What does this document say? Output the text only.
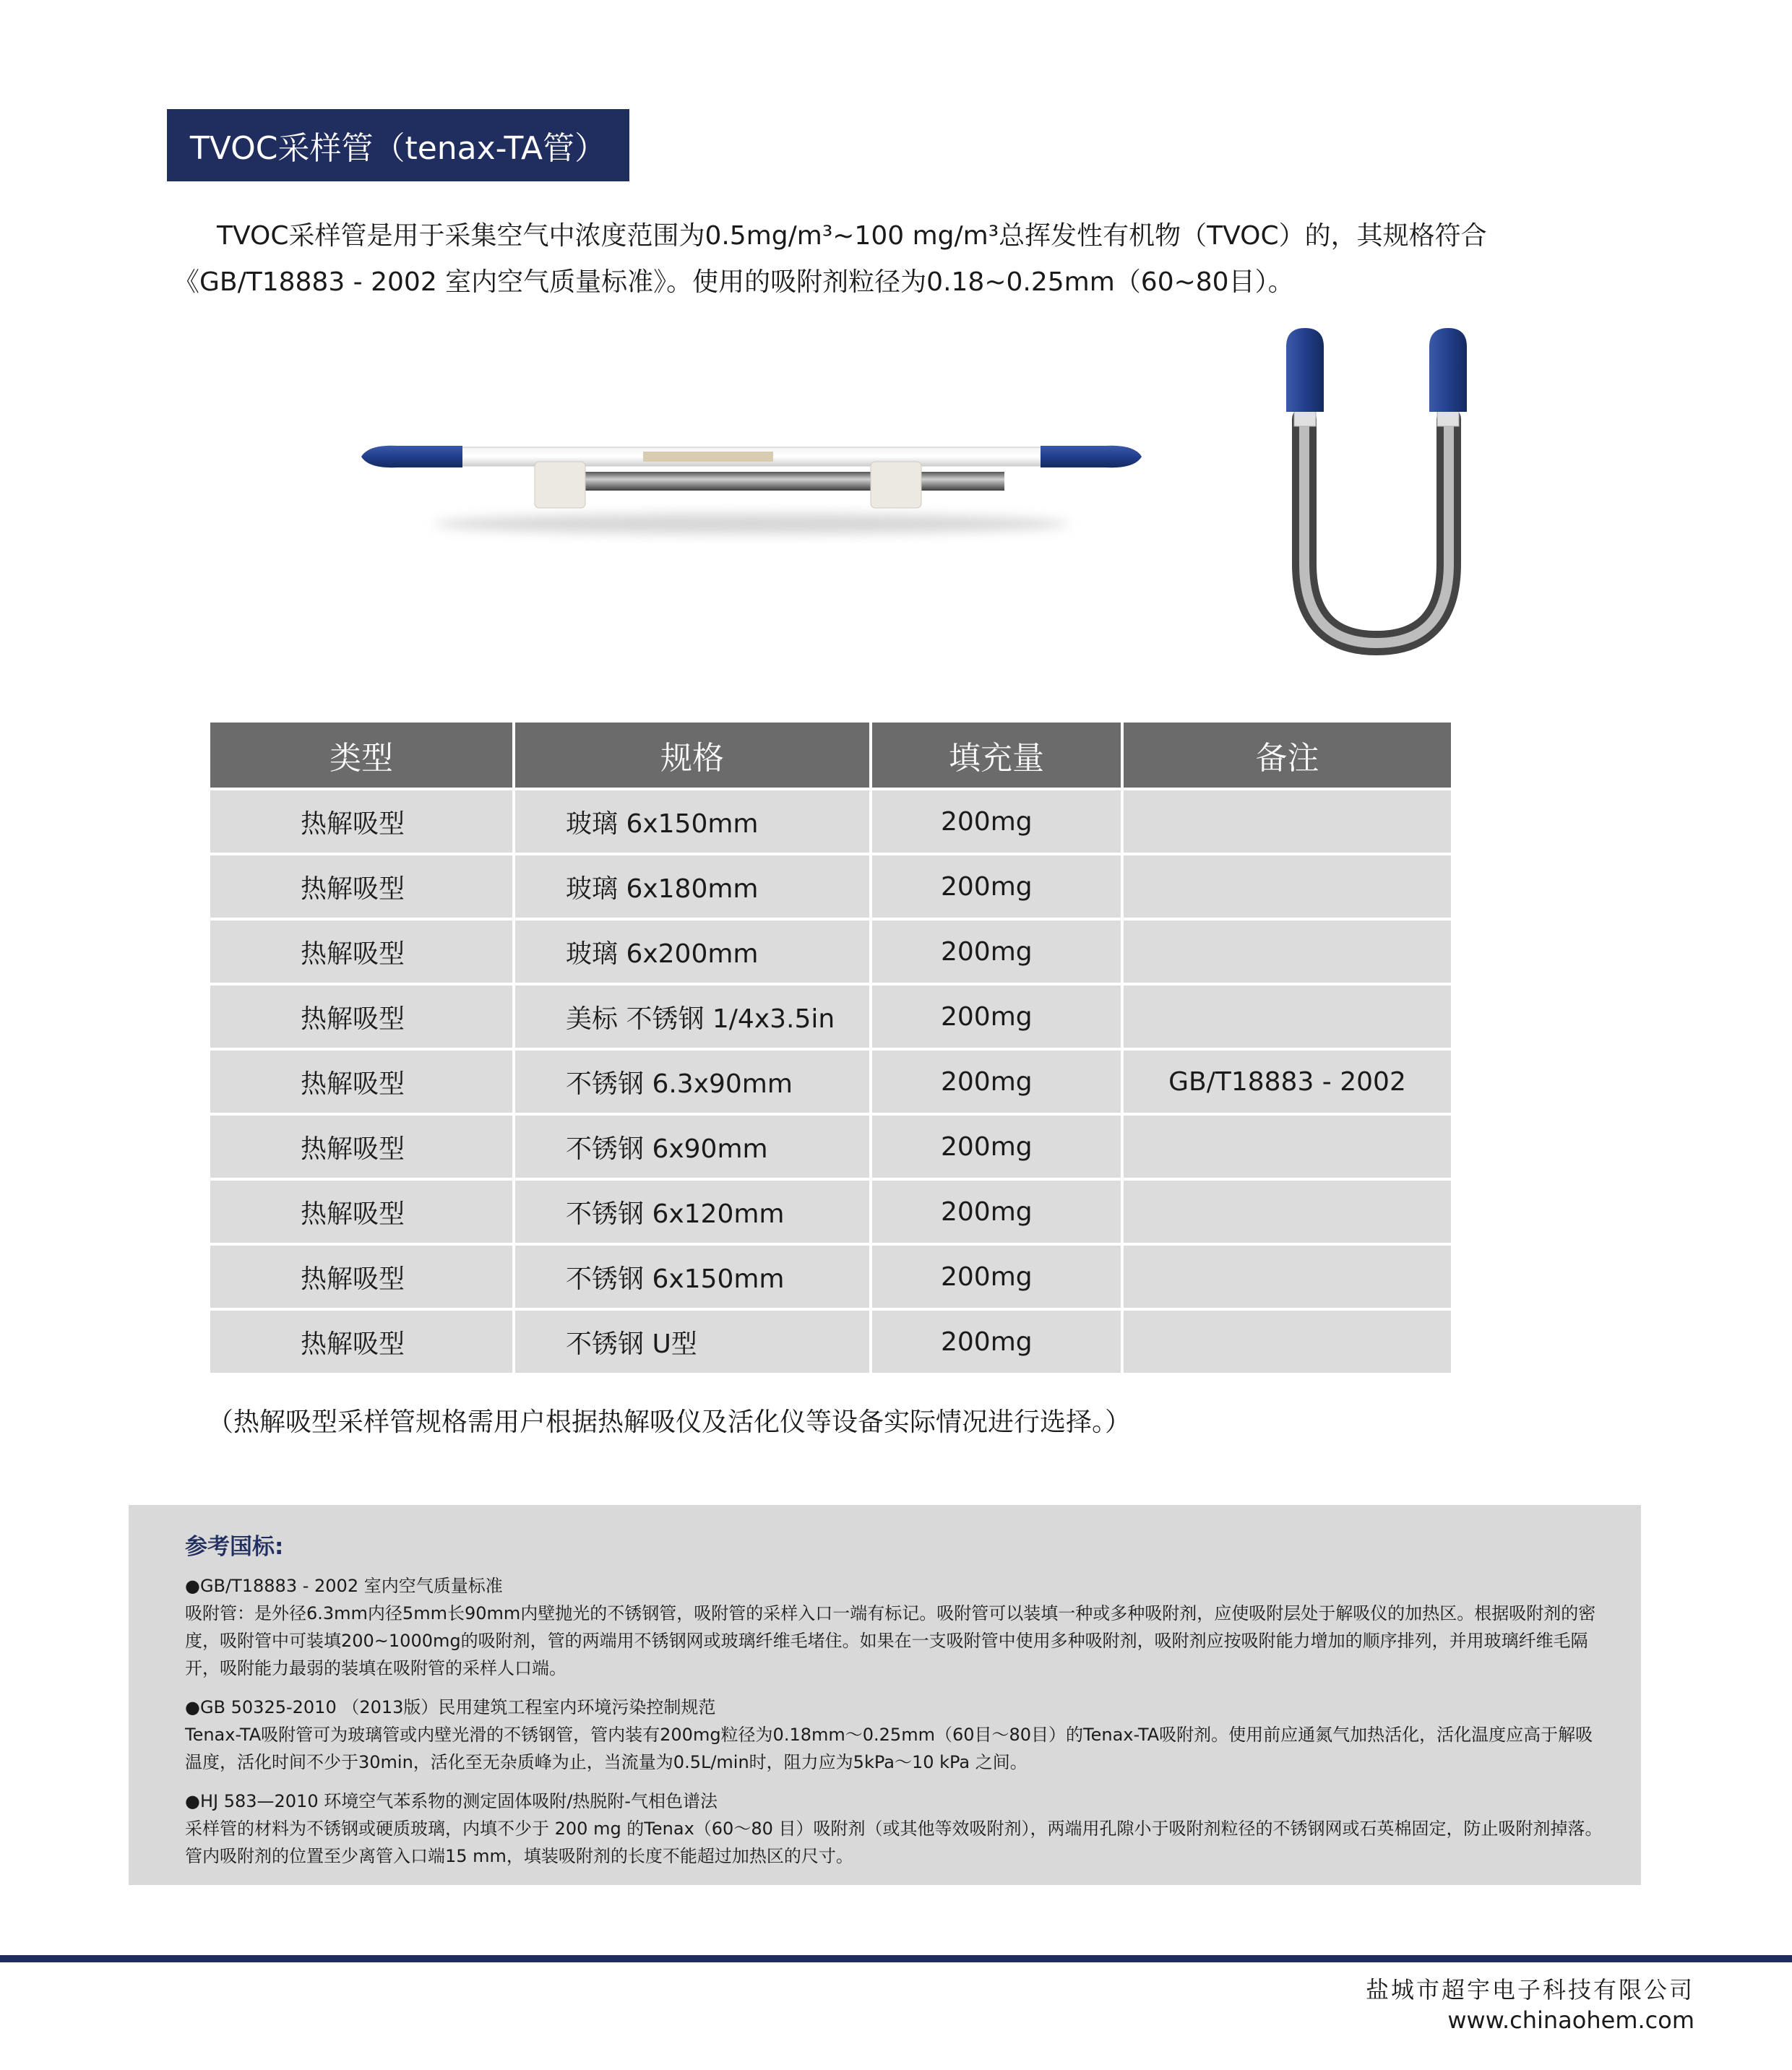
TVOC采样管（tenax-TA管）

TVOC采样管是用于采集空气中浓度范围为0.5mg/m³~100 mg/m³总挥发性有机物（TVOC）的，其规格符合

《GB/T18883 - 2002 室内空气质量标准》。使用的吸附剂粒径为0.18~0.25mm（60~80目）。

类型	规格	填充量	备注
热解吸型	玻璃 6x150mm	200mg	
热解吸型	玻璃 6x180mm	200mg	
热解吸型	玻璃 6x200mm	200mg	
热解吸型	美标 不锈钢 1/4x3.5in	200mg	
热解吸型	不锈钢 6.3x90mm	200mg	GB/T18883 - 2002
热解吸型	不锈钢 6x90mm	200mg	
热解吸型	不锈钢 6x120mm	200mg	
热解吸型	不锈钢 6x150mm	200mg	
热解吸型	不锈钢 U型	200mg	
（热解吸型采样管规格需用户根据热解吸仪及活化仪等设备实际情况进行选择。）
参考国标:
●GB/T18883 - 2002 室内空气质量标准
吸附管：是外径6.3mm内径5mm长90mm内壁抛光的不锈钢管，吸附管的采样入口一端有标记。吸附管可以装填一种或多种吸附剂，应使吸附层处于解吸仪的加热区。根据吸附剂的密度，吸附管中可装填200~1000mg的吸附剂，管的两端用不锈钢网或玻璃纤维毛堵住。如果在一支吸附管中使用多种吸附剂，吸附剂应按吸附能力增加的顺序排列，并用玻璃纤维毛隔开，吸附能力最弱的装填在吸附管的采样人口端。
●GB 50325-2010 （2013版）民用建筑工程室内环境污染控制规范
Tenax-TA吸附管可为玻璃管或内壁光滑的不锈钢管，管内装有200mg粒径为0.18mm～0.25mm（60目～80目）的Tenax-TA吸附剂。使用前应通氮气加热活化，活化温度应高于解吸温度，活化时间不少于30min，活化至无杂质峰为止，当流量为0.5L/min时，阻力应为5kPa～10 kPa 之间。
●HJ 583—2010 环境空气苯系物的测定固体吸附/热脱附-气相色谱法
采样管的材料为不锈钢或硬质玻璃，内填不少于 200 mg 的Tenax（60～80 目）吸附剂（或其他等效吸附剂），两端用孔隙小于吸附剂粒径的不锈钢网或石英棉固定，防止吸附剂掉落。管内吸附剂的位置至少离管入口端15 mm，填装吸附剂的长度不能超过加热区的尺寸。
盐城市超宇电子科技有限公司
www.chinaohem.com
